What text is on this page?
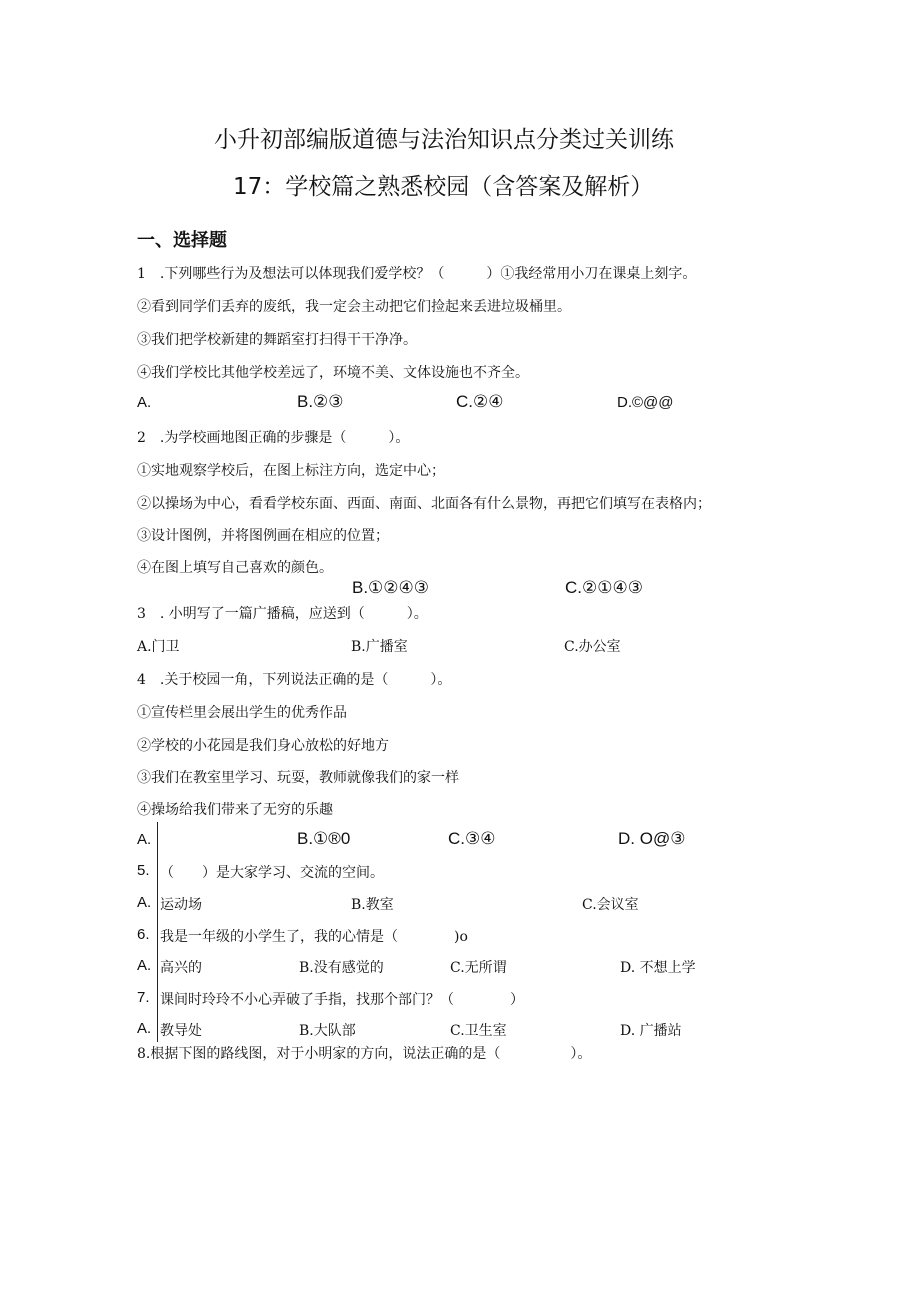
小升初部编版道德与法治知识点分类过关训练
17：学校篇之熟悉校园（含答案及解析）
一、选择题
1　.下列哪些行为及想法可以体现我们爱学校？（　　　）①我经常用小刀在课桌上刻字。
②看到同学们丢弃的废纸，我一定会主动把它们捡起来丢进垃圾桶里。
③我们把学校新建的舞蹈室打扫得干干净净。
④我们学校比其他学校差远了，环境不美、文体设施也不齐全。
A.	B.②③	C.②④	D.©@@
2　.为学校画地图正确的步骤是（　　　）。
①实地观察学校后，在图上标注方向，选定中心；
②以操场为中心，看看学校东面、西面、南面、北面各有什么景物，再把它们填写在表格内；
③设计图例，并将图例画在相应的位置；
④在图上填写自己喜欢的颜色。
B.①②④③	C.②①④③
3　. 小明写了一篇广播稿，应送到（　　　）。
A.门卫	B.广播室	C.办公室
4　.关于校园一角，下列说法正确的是（　　　）。
①宣传栏里会展出学生的优秀作品
②学校的小花园是我们身心放松的好地方
③我们在教室里学习、玩耍，教师就像我们的家一样
④操场给我们带来了无穷的乐趣
A.	B.①®0	C.③④	D. O@③
5. （　　）是大家学习、交流的空间。
A. 运动场	B.教室	C.会议室
6. 我是一年级的小学生了，我的心情是（　　　　)o
A. 高兴的	B.没有感觉的	C.无所谓	D. 不想上学
7. 课间时玲玲不小心弄破了手指，找那个部门？（　　　　）
A. 教导处	B.大队部	C.卫生室	D. 广播站
8.根据下图的路线图，对于小明家的方向，说法正确的是（　　　　　）。
